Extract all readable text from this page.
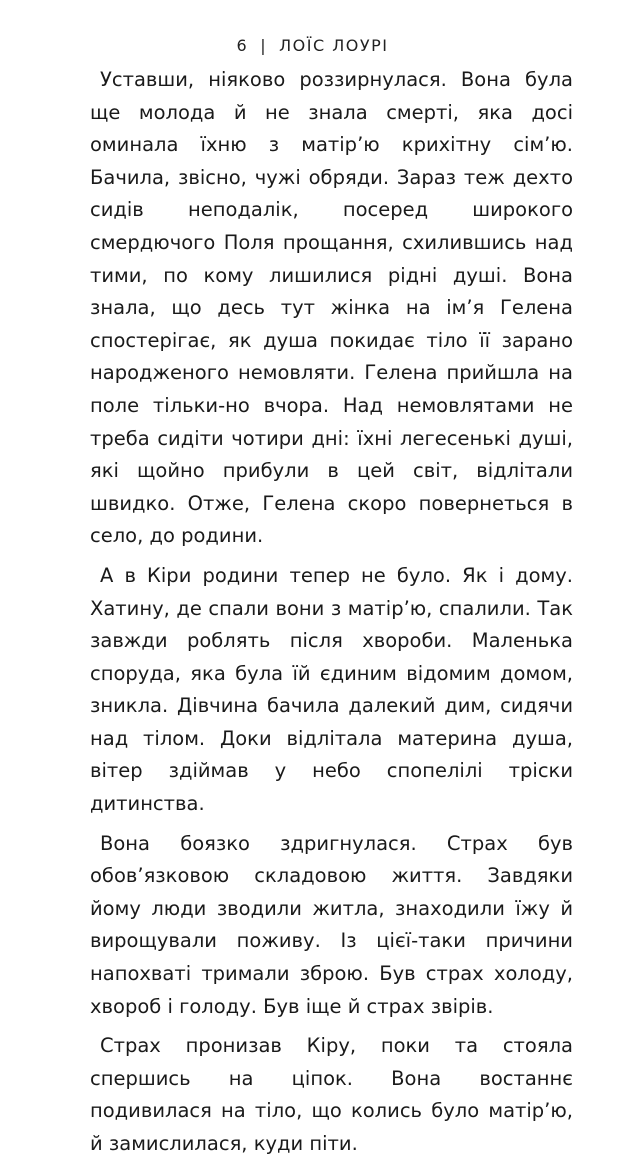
6 | ЛОЇС ЛОУРІ

Уставши, ніяково роззирнулася. Вона була ще молода й не знала смерті, яка досі оминала їхню з матір’ю крихітну сім’ю. Бачила, звісно, чужі обряди. Зараз теж дехто сидів неподалік, посеред широкого смердючого Поля прощання, схилившись над тими, по кому лишилися рідні душі. Вона знала, що десь тут жінка на ім’я Гелена спостерігає, як душа покидає тіло її зарано народженого немовляти. Гелена прийшла на поле тільки-но вчора. Над немовлятами не треба сидіти чотири дні: їхні легесенькі душі, які щойно прибули в цей світ, відлітали швидко. Отже, Гелена скоро повернеться в село, до родини.

А в Кіри родини тепер не було. Як і дому. Хатину, де спали вони з матір’ю, спалили. Так завжди роблять після хвороби. Маленька споруда, яка була їй єдиним відомим домом, зникла. Дівчина бачила далекий дим, сидячи над тілом. Доки відлітала материна душа, вітер здіймав у небо спопелілі тріски дитинства.

Вона боязко здригнулася. Страх був обов’язковою складовою життя. Завдяки йому люди зводили житла, знаходили їжу й вирощували поживу. Із цієї-таки причини напохваті тримали зброю. Був страх холоду, хвороб і голоду. Був іще й страх звірів.

Страх пронизав Кіру, поки та стояла спершись на ціпок. Вона востаннє подивилася на тіло, що колись було матір’ю, й замислилася, куди піти.
